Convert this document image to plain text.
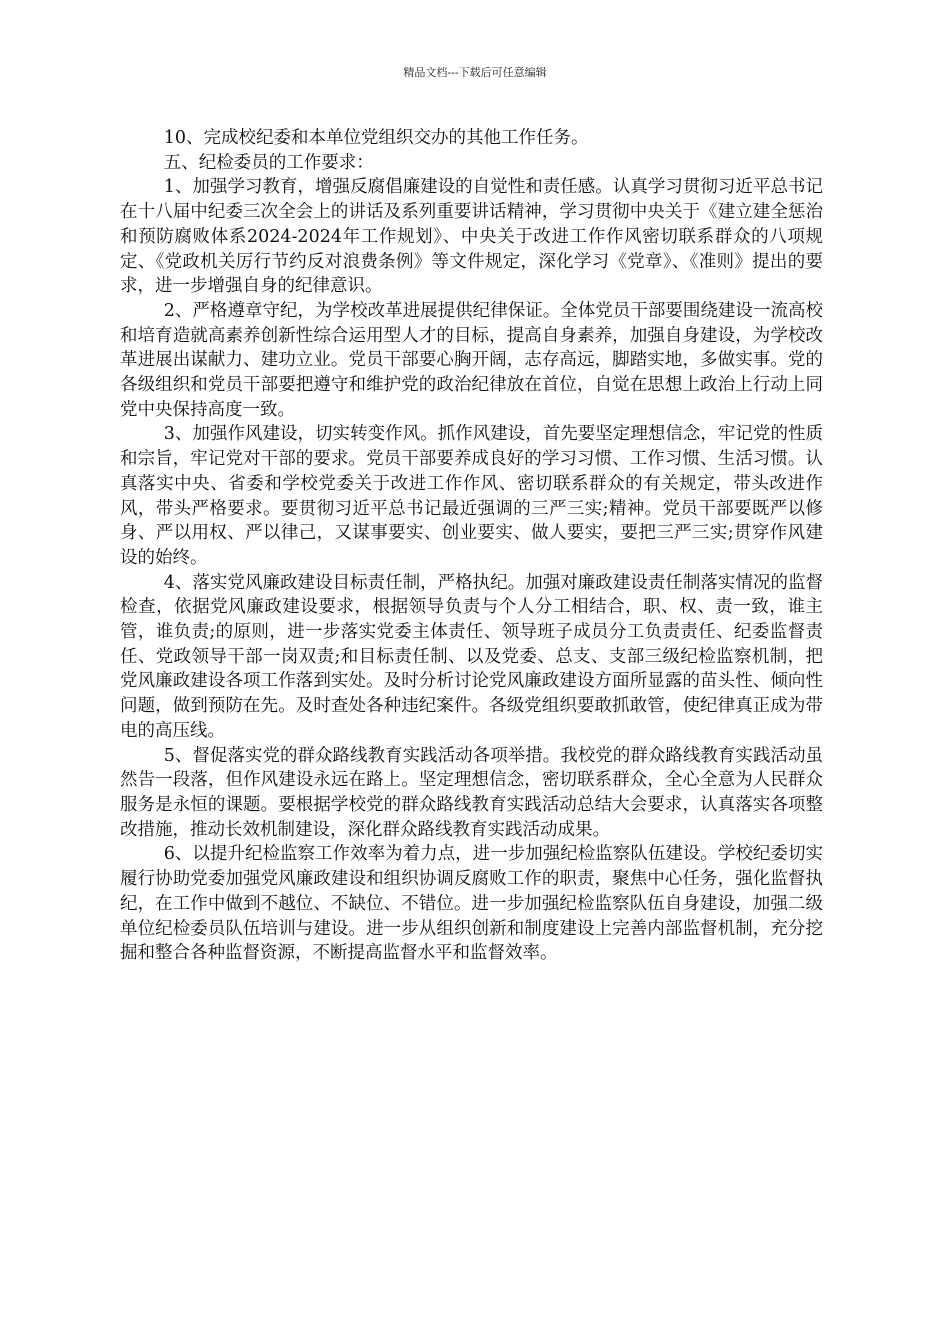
精品文档---下载后可任意编辑

10、完成校纪委和本单位党组织交办的其他工作任务。

五、纪检委员的工作要求：

1、加强学习教育，增强反腐倡廉建设的自觉性和责任感。认真学习贯彻习近平总书记在十八届中纪委三次全会上的讲话及系列重要讲话精神，学习贯彻中央关于《建立建全惩治和预防腐败体系2024-2024年工作规划》、中央关于改进工作作风密切联系群众的八项规定、《党政机关厉行节约反对浪费条例》等文件规定，深化学习《党章》、《准则》提出的要求，进一步增强自身的纪律意识。

2、严格遵章守纪，为学校改革进展提供纪律保证。全体党员干部要围绕建设一流高校和培育造就高素养创新性综合运用型人才的目标，提高自身素养，加强自身建设，为学校改革进展出谋献力、建功立业。党员干部要心胸开阔，志存高远，脚踏实地，多做实事。党的各级组织和党员干部要把遵守和维护党的政治纪律放在首位，自觉在思想上政治上行动上同党中央保持高度一致。

3、加强作风建设，切实转变作风。抓作风建设，首先要坚定理想信念，牢记党的性质和宗旨，牢记党对干部的要求。党员干部要养成良好的学习习惯、工作习惯、生活习惯。认真落实中央、省委和学校党委关于改进工作作风、密切联系群众的有关规定，带头改进作风，带头严格要求。要贯彻习近平总书记最近强调的三严三实;精神。党员干部要既严以修身、严以用权、严以律己，又谋事要实、创业要实、做人要实，要把三严三实;贯穿作风建设的始终。

4、落实党风廉政建设目标责任制，严格执纪。加强对廉政建设责任制落实情况的监督检查，依据党风廉政建设要求，根据领导负责与个人分工相结合，职、权、责一致，谁主管，谁负责;的原则，进一步落实党委主体责任、领导班子成员分工负责责任、纪委监督责任、党政领导干部一岗双责;和目标责任制、以及党委、总支、支部三级纪检监察机制，把党风廉政建设各项工作落到实处。及时分析讨论党风廉政建设方面所显露的苗头性、倾向性问题，做到预防在先。及时查处各种违纪案件。各级党组织要敢抓敢管，使纪律真正成为带电的高压线。

5、督促落实党的群众路线教育实践活动各项举措。我校党的群众路线教育实践活动虽然告一段落，但作风建设永远在路上。坚定理想信念，密切联系群众，全心全意为人民群众服务是永恒的课题。要根据学校党的群众路线教育实践活动总结大会要求，认真落实各项整改措施，推动长效机制建设，深化群众路线教育实践活动成果。

6、以提升纪检监察工作效率为着力点，进一步加强纪检监察队伍建设。学校纪委切实履行协助党委加强党风廉政建设和组织协调反腐败工作的职责，聚焦中心任务，强化监督执纪，在工作中做到不越位、不缺位、不错位。进一步加强纪检监察队伍自身建设，加强二级单位纪检委员队伍培训与建设。进一步从组织创新和制度建设上完善内部监督机制，充分挖掘和整合各种监督资源，不断提高监督水平和监督效率。
